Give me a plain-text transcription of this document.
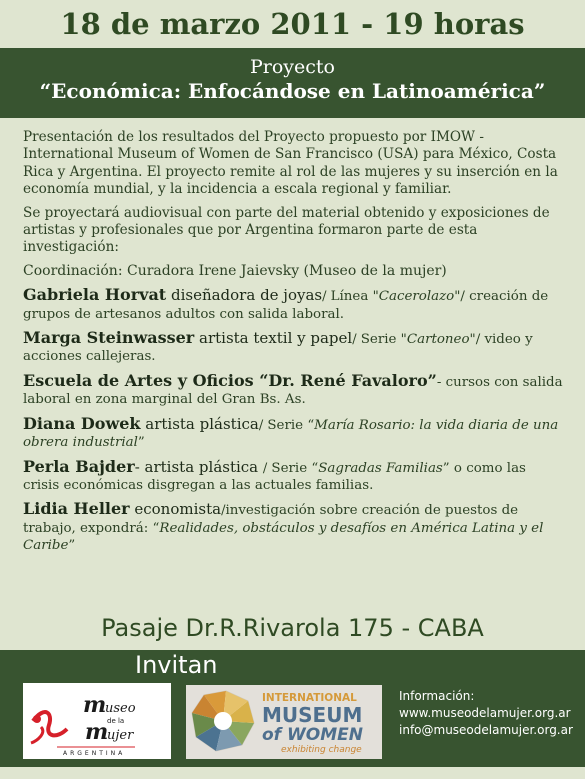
18 de marzo 2011 - 19 horas
Proyecto
“Económica: Enfocándose en Latinoamérica”

Presentación de los resultados del Proyecto propuesto por IMOW - International Museum of Women de San Francisco (USA) para México, Costa Rica y Argentina. El proyecto remite al rol de las mujeres y su inserción en la economía mundial, y la incidencia a escala regional y familiar.

Se proyectará audiovisual con parte del material obtenido y exposiciones de artistas y profesionales que por Argentina formaron parte de esta investigación:

Coordinación: Curadora Irene Jaievsky (Museo de la mujer)

Gabriela Horvat diseñadora de joyas/ Línea "Cacerolazo"/ creación de grupos de artesanos adultos con salida laboral.
Marga Steinwasser artista textil y papel/ Serie "Cartoneo"/ video y acciones callejeras.
Escuela de Artes y Oficios “Dr. René Favaloro”- cursos con salida laboral en zona marginal del Gran Bs. As.
Diana Dowek artista plástica/ Serie “María Rosario: la vida diaria de una obrera industrial”
Perla Bajder- artista plástica / Serie “Sagradas Familias” o como las crisis económicas disgregan a las actuales familias.
Lidia Heller economista/investigación sobre creación de puestos de trabajo, expondrá: “Realidades, obstáculos y desafíos en América Latina y el Caribe”
Pasaje Dr.R.Rivarola 175 - CABA
Invitan
m
useo
de la
m
ujer
ARGENTINA
INTERNATIONAL
MUSEUM
of WOMEN
exhibiting change
Información:
www.museodelamujer.org.ar
info@museodelamujer.org.ar
